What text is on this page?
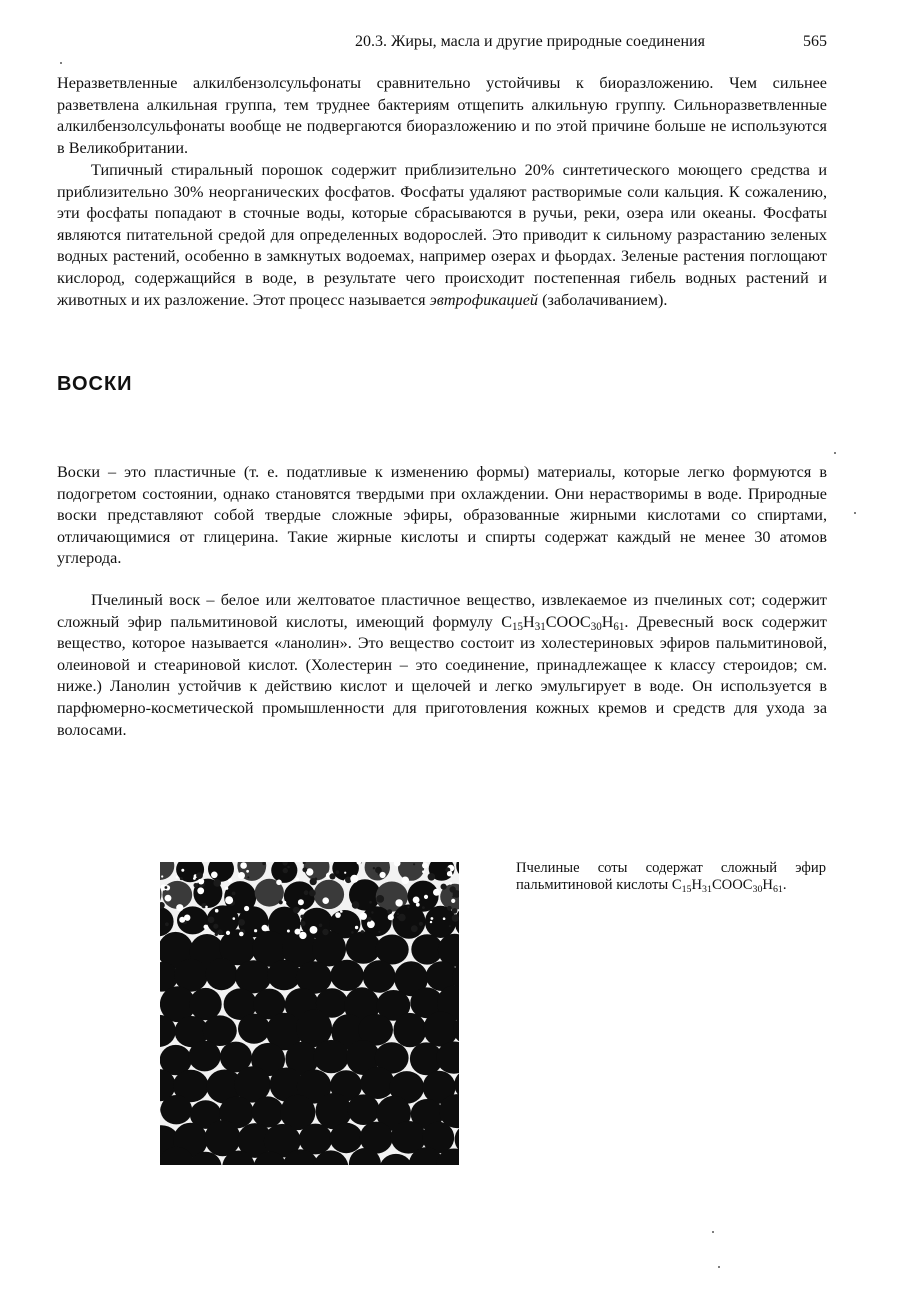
20.3. Жиры, масла и другие природные соединения	565

Неразветвленные алкилбензолсульфонаты сравнительно устойчивы к биоразложению. Чем сильнее разветвлена алкильная группа, тем труднее бактериям отщепить алкильную группу. Сильноразветвленные алкилбензолсульфонаты вообще не подвергаются биоразложению и по этой причине больше не используются в Великобритании.

Типичный стиральный порошок содержит приблизительно 20% синтетического моющего средства и приблизительно 30% неорганических фосфатов. Фосфаты удаляют растворимые соли кальция. К сожалению, эти фосфаты попадают в сточные воды, которые сбрасываются в ручьи, реки, озера или океаны. Фосфаты являются питательной средой для определенных водорослей. Это приводит к сильному разрастанию зеленых водных растений, особенно в замкнутых водоемах, например озерах и фьордах. Зеленые растения поглощают кислород, содержащийся в воде, в результате чего происходит постепенная гибель водных растений и животных и их разложение. Этот процесс называется эвтрофикацией (заболачиванием).

ВОСКИ

Воски – это пластичные (т. е. податливые к изменению формы) материалы, которые легко формуются в подогретом состоянии, однако становятся твердыми при охлаждении. Они нерастворимы в воде. Природные воски представляют собой твердые сложные эфиры, образованные жирными кислотами со спиртами, отличающимися от глицерина. Такие жирные кислоты и спирты содержат каждый не менее 30 атомов углерода.

Пчелиный воск – белое или желтоватое пластичное вещество, извлекаемое из пчелиных сот; содержит сложный эфир пальмитиновой кислоты, имеющий формулу $C_{15}H_{31}COOC_{30}H_{61}$. Древесный воск содержит вещество, которое называется «ланолин». Это вещество состоит из холестериновых эфиров пальмитиновой, олеиновой и стеариновой кислот. (Холестерин – это соединение, принадлежащее к классу стероидов; см. ниже.) Ланолин устойчив к действию кислот и щелочей и легко эмульгирует в воде. Он используется в парфюмерно-косметической промышленности для приготовления кожных кремов и средств для ухода за волосами.

Пчелиные соты содержат сложный эфир пальмитиновой кислоты $C_{15}H_{31}COOC_{30}H_{61}$.
